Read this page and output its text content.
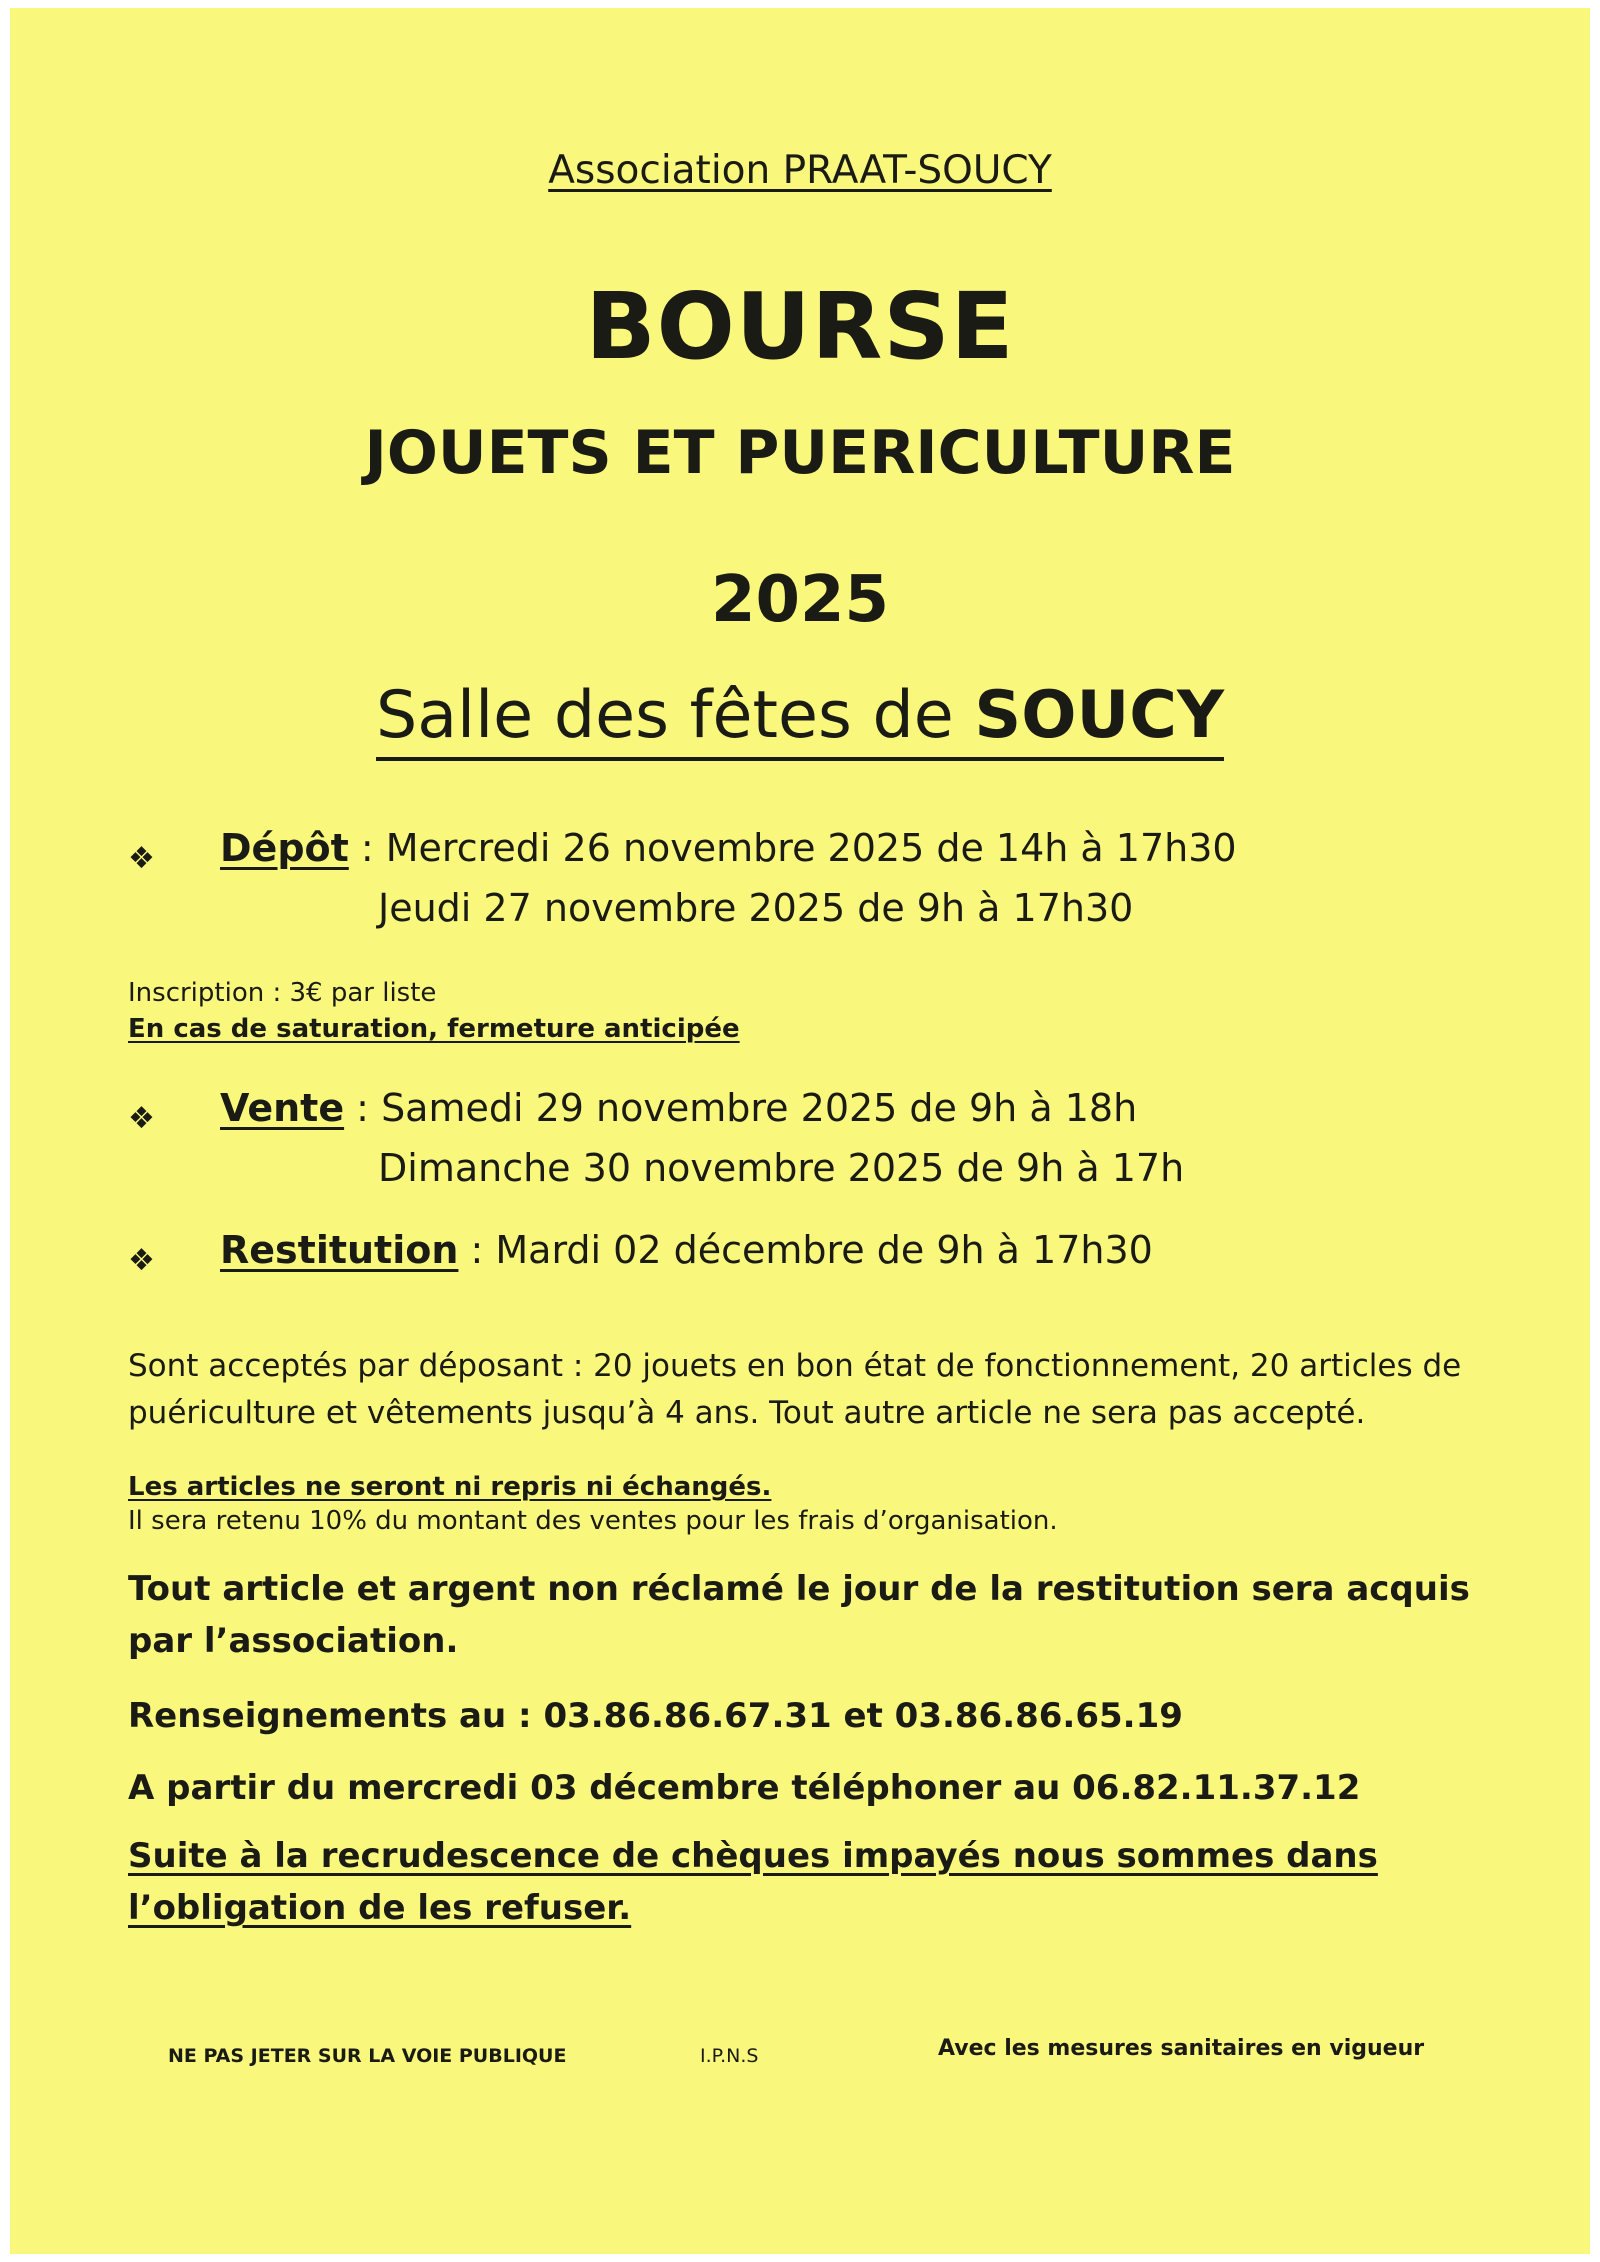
Association PRAAT-SOUCY
BOURSE
JOUETS ET PUERICULTURE
2025
Salle des fêtes de SOUCY
❖ Dépôt : Mercredi 26 novembre 2025 de 14h à 17h30
Jeudi 27 novembre 2025 de 9h à 17h30
Inscription : 3€ par liste
En cas de saturation, fermeture anticipée
❖ Vente : Samedi 29 novembre 2025 de 9h à 18h
Dimanche 30 novembre 2025 de 9h à 17h
❖ Restitution : Mardi 02 décembre de 9h à 17h30
Sont acceptés par déposant : 20 jouets en bon état de fonctionnement, 20 articles de puériculture et vêtements jusqu’à 4 ans. Tout autre article ne sera pas accepté.
Les articles ne seront ni repris ni échangés.
Il sera retenu 10% du montant des ventes pour les frais d’organisation.
Tout article et argent non réclamé le jour de la restitution sera acquis par l’association.
Renseignements au : 03.86.86.67.31 et 03.86.86.65.19
A partir du mercredi 03 décembre téléphoner au 06.82.11.37.12
Suite à la recrudescence de chèques impayés nous sommes dans l’obligation de les refuser.
NE PAS JETER SUR LA VOIE PUBLIQUE	I.P.N.S	Avec les mesures sanitaires en vigueur
